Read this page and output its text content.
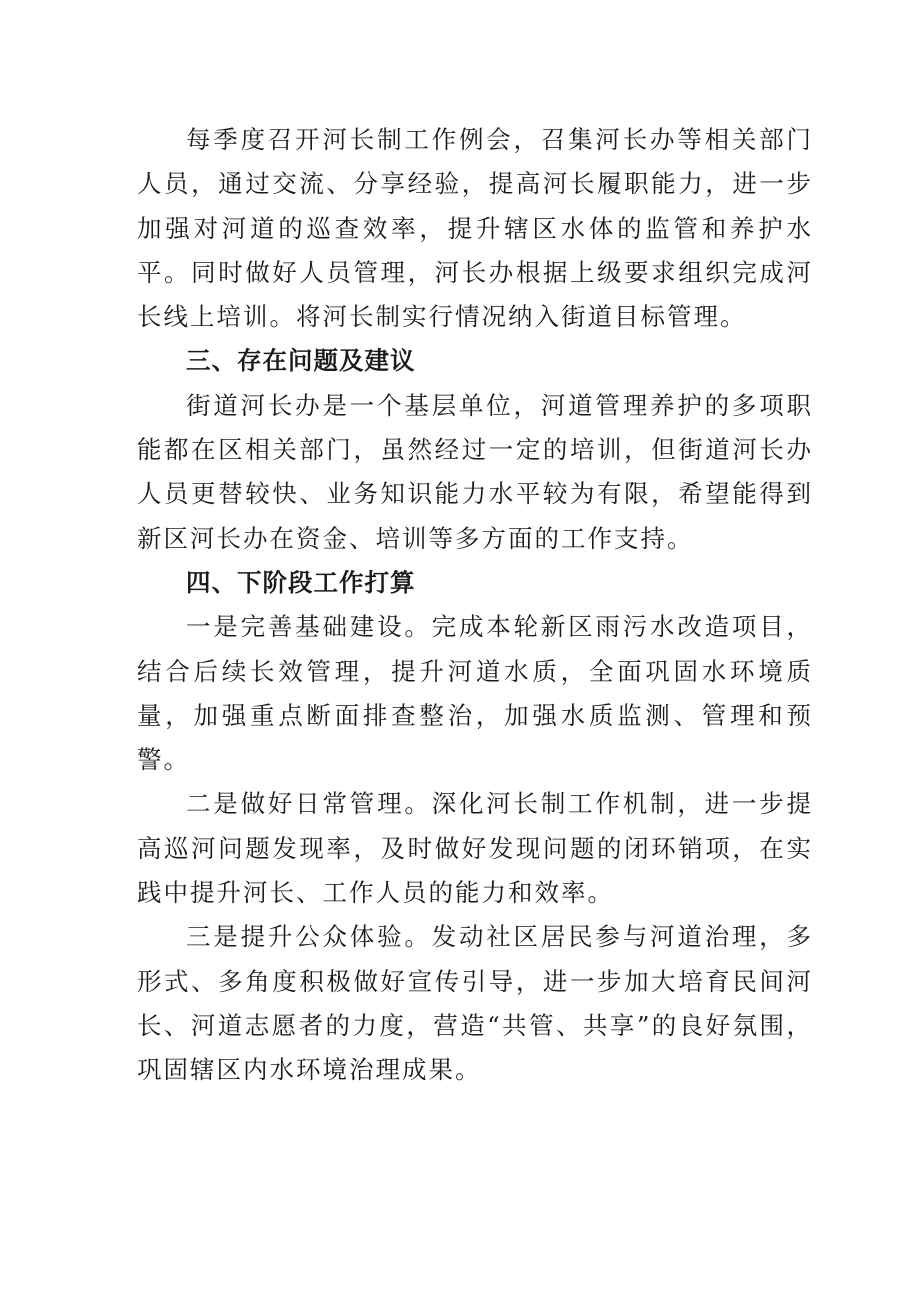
每季度召开河长制工作例会，召集河长办等相关部门人员，通过交流、分享经验，提高河长履职能力，进一步加强对河道的巡查效率，提升辖区水体的监管和养护水平。同时做好人员管理，河长办根据上级要求组织完成河长线上培训。将河长制实行情况纳入街道目标管理。

三、存在问题及建议

街道河长办是一个基层单位，河道管理养护的多项职能都在区相关部门，虽然经过一定的培训，但街道河长办人员更替较快、业务知识能力水平较为有限，希望能得到新区河长办在资金、培训等多方面的工作支持。

四、下阶段工作打算

一是完善基础建设。完成本轮新区雨污水改造项目，结合后续长效管理，提升河道水质，全面巩固水环境质量，加强重点断面排查整治，加强水质监测、管理和预警。

二是做好日常管理。深化河长制工作机制，进一步提高巡河问题发现率，及时做好发现问题的闭环销项，在实践中提升河长、工作人员的能力和效率。

三是提升公众体验。发动社区居民参与河道治理，多形式、多角度积极做好宣传引导，进一步加大培育民间河长、河道志愿者的力度，营造“共管、共享”的良好氛围，巩固辖区内水环境治理成果。
